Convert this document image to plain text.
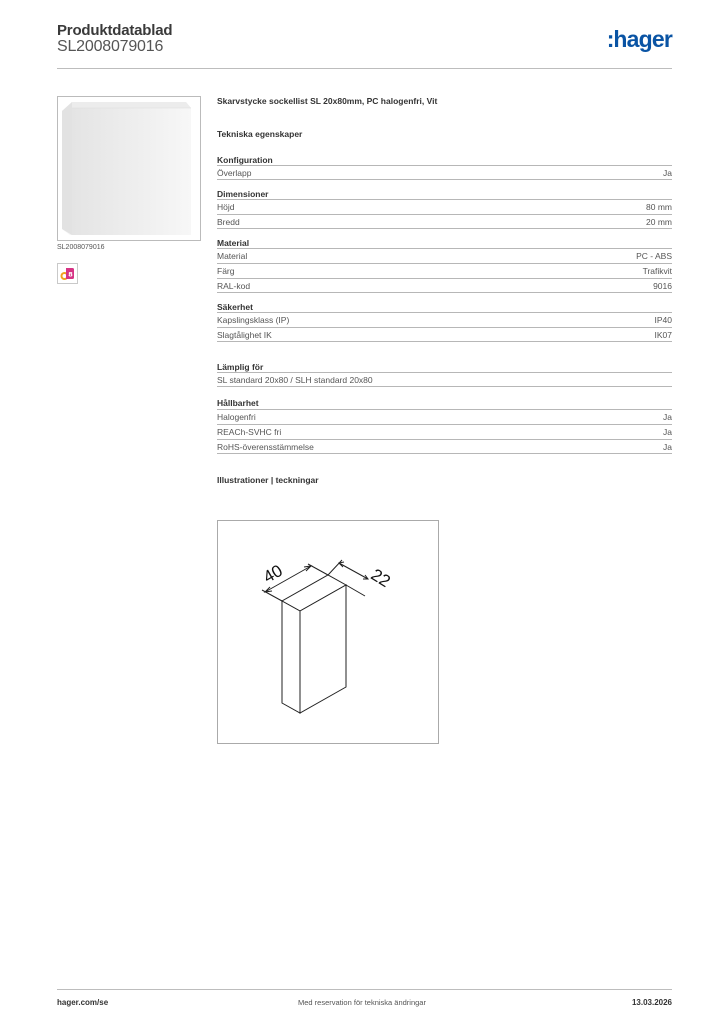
Produktdatablad
SL2008079016	:hager
SL2008079016
8
Skarvstycke sockellist SL 20x80mm, PC halogenfri, Vit
Tekniska egenskaper
Konfiguration
Överlapp	Ja
Dimensioner
Höjd	80 mm
Bredd	20 mm
Material
Material	PC - ABS
Färg	Trafikvit
RAL-kod	9016
Säkerhet
Kapslingsklass (IP)	IP40
Slagtålighet IK	IK07
Lämplig för
SL standard 20x80 / SLH standard 20x80
Hållbarhet
Halogenfri	Ja
REACh-SVHC fri	Ja
RoHS-överensstämmelse	Ja
Illustrationer | teckningar
40	22
hager.com/se	Med reservation för tekniska ändringar	13.03.2026
